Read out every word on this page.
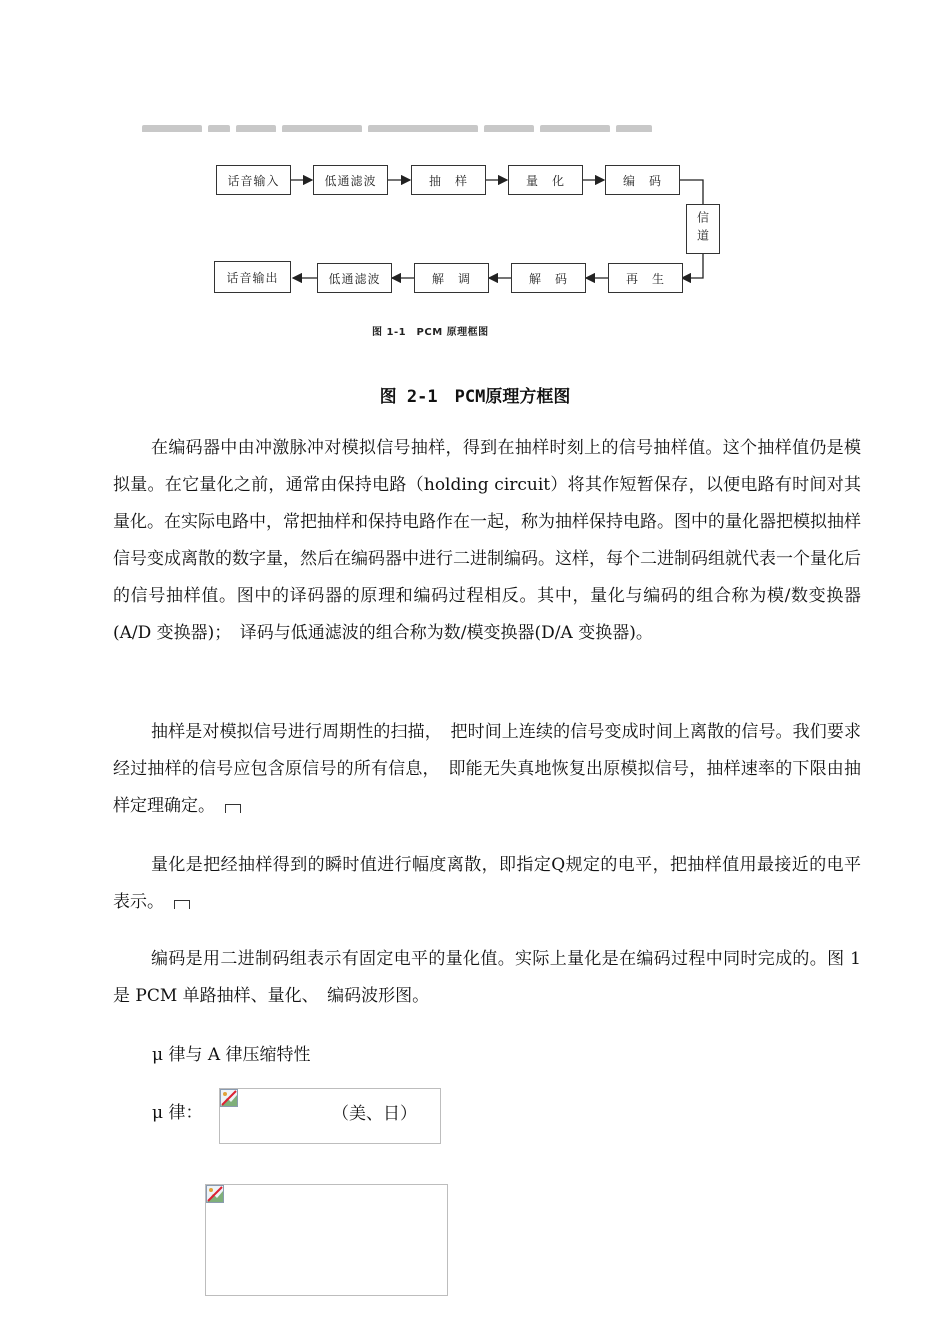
话音输入	低通滤波	抽　样	量　化	编　码
信道
再　生
解　码
解　调
低通滤波
话音输出
图 1-1　PCM 原理框图
图 2-1　PCM原理方框图

在编码器中由冲激脉冲对模拟信号抽样，得到在抽样时刻上的信号抽样值。这个抽样值仍是模拟量。在它量化之前，通常由保持电路（holding circuit）将其作短暂保存，以便电路有时间对其量化。在实际电路中，常把抽样和保持电路作在一起，称为抽样保持电路。图中的量化器把模拟抽样信号变成离散的数字量，然后在编码器中进行二进制编码。这样，每个二进制码组就代表一个量化后的信号抽样值。图中的译码器的原理和编码过程相反。其中，量化与编码的组合称为模/数变换器(A/D 变换器)；　译码与低通滤波的组合称为数/模变换器(D/A 变换器)。

抽样是对模拟信号进行周期性的扫描，　把时间上连续的信号变成时间上离散的信号。我们要求经过抽样的信号应包含原信号的所有信息，　即能无失真地恢复出原模拟信号，抽样速率的下限由抽样定理确定。

量化是把经抽样得到的瞬时值进行幅度离散，即指定Q规定的电平，把抽样值用最接近的电平表示。

编码是用二进制码组表示有固定电平的量化值。实际上量化是在编码过程中同时完成的。图 1 是 PCM 单路抽样、量化、　编码波形图。

μ 律与 A 律压缩特性
μ 律：	（美、日）
